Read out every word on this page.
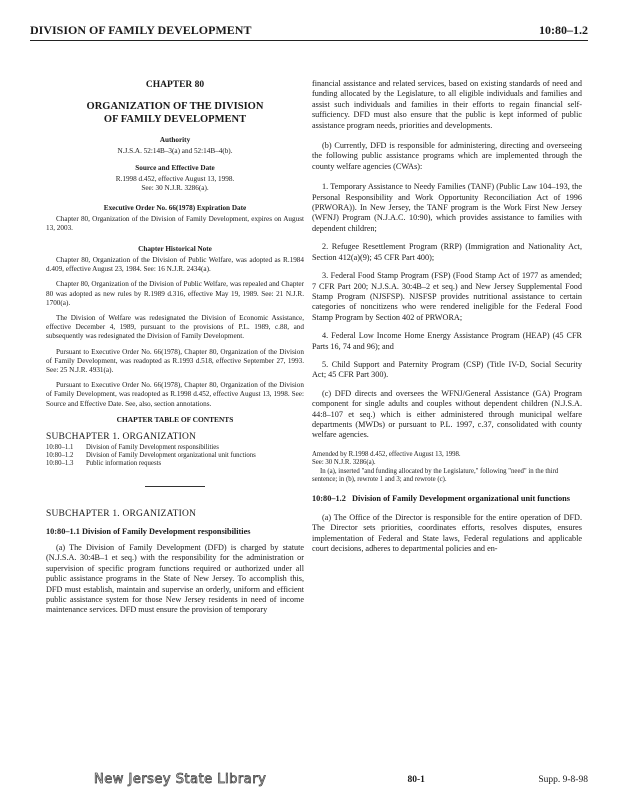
DIVISION OF FAMILY DEVELOPMENT	10:80–1.2
CHAPTER 80
ORGANIZATION OF THE DIVISION
OF FAMILY DEVELOPMENT
Authority
N.J.S.A. 52:14B–3(a) and 52:14B–4(b).
Source and Effective Date
R.1998 d.452, effective August 13, 1998.
See: 30 N.J.R. 3286(a).
Executive Order No. 66(1978) Expiration Date

Chapter 80, Organization of the Division of Family Development, expires on August 13, 2003.

Chapter Historical Note

Chapter 80, Organization of the Division of Public Welfare, was adopted as R.1984 d.409, effective August 23, 1984. See: 16 N.J.R. 2434(a).

Chapter 80, Organization of the Division of Public Welfare, was repealed and Chapter 80 was adopted as new rules by R.1989 d.316, effective May 19, 1989. See: 21 N.J.R. 1700(a).

The Division of Welfare was redesignated the Division of Economic Assistance, effective December 4, 1989, pursuant to the provisions of P.L. 1989, c.88, and subsequently was redesignated the Division of Family Development.

Pursuant to Executive Order No. 66(1978), Chapter 80, Organization of the Division of Family Development, was readopted as R.1993 d.518, effective September 27, 1993. See: 25 N.J.R. 4931(a).

Pursuant to Executive Order No. 66(1978), Chapter 80, Organization of the Division of Family Development, was readopted as R.1998 d.452, effective August 13, 1998. See: Source and Effective Date. See, also, section annotations.

CHAPTER TABLE OF CONTENTS
SUBCHAPTER 1. ORGANIZATION
10:80–1.1	Division of Family Development responsibilities
10:80–1.2	Division of Family Development organizational unit functions
10:80–1.3	Public information requests
SUBCHAPTER 1. ORGANIZATION
10:80–1.1 Division of Family Development responsibilities

(a) The Division of Family Development (DFD) is charged by statute (N.J.S.A. 30:4B–1 et seq.) with the responsibility for the administration or supervision of specific program functions required or authorized under all public assistance programs in the State of New Jersey. To accomplish this, DFD must establish, maintain and supervise an orderly, uniform and efficient public assistance system for those New Jersey residents in need of income maintenance services. DFD must ensure the provision of temporary

financial assistance and related services, based on existing standards of need and funding allocated by the Legislature, to all eligible individuals and families and assist such individuals and families in their efforts to regain financial self-sufficiency. DFD must also ensure that the public is kept informed of public assistance program needs, priorities and developments.

(b) Currently, DFD is responsible for administering, directing and overseeing the following public assistance programs which are implemented through the county welfare agencies (CWAs):

1. Temporary Assistance to Needy Families (TANF) (Public Law 104–193, the Personal Responsibility and Work Opportunity Reconciliation Act of 1996 (PRWORA)). In New Jersey, the TANF program is the Work First New Jersey (WFNJ) Program (N.J.A.C. 10:90), which provides assistance to families with dependent children;

2. Refugee Resettlement Program (RRP) (Immigration and Nationality Act, Section 412(a)(9); 45 CFR Part 400);

3. Federal Food Stamp Program (FSP) (Food Stamp Act of 1977 as amended; 7 CFR Part 200; N.J.S.A. 30:4B–2 et seq.) and New Jersey Supplemental Food Stamp Program (NJSFSP). NJSFSP provides nutritional assistance to certain categories of noncitizens who were rendered ineligible for the Federal Food Stamp Program by Section 402 of PRWORA;

4. Federal Low Income Home Energy Assistance Program (HEAP) (45 CFR Parts 16, 74 and 96); and

5. Child Support and Paternity Program (CSP) (Title IV-D, Social Security Act; 45 CFR Part 300).

(c) DFD directs and oversees the WFNJ/General Assistance (GA) Program component for single adults and couples without dependent children (N.J.S.A. 44:8–107 et seq.) which is either administered through municipal welfare departments (MWDs) or pursuant to P.L. 1997, c.37, consolidated with county welfare agencies.

Amended by R.1998 d.452, effective August 13, 1998.

See: 30 N.J.R. 3286(a).

In (a), inserted "and funding allocated by the Legislature," following "need" in the third sentence; in (b), rewrote 1 and 3; and rewrote (c).

10:80–1.2 Division of Family Development organizational unit functions

(a) The Office of the Director is responsible for the entire operation of DFD. The Director sets priorities, coordinates efforts, resolves disputes, ensures implementation of Federal and State laws, Federal regulations and applicable court decisions, adheres to departmental policies and en-

New Jersey State Library	80-1	Supp. 9-8-98
